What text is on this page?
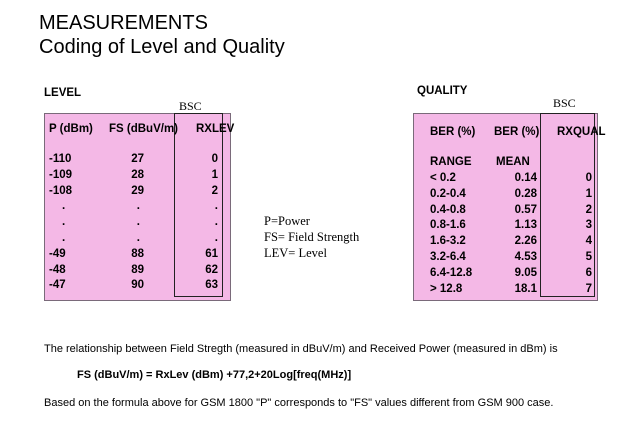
MEASUREMENTS
Coding of Level and Quality
LEVEL
BSC
P (dBm) FS (dBuV/m) RXLEV
-110	27	0
-109	28	1
-108	29	2
.	.	.
.	.	.
.	.	.
-49	88	61
-48	89	62
-47	90	63
P=Power
FS= Field Strength
LEV= Level
QUALITY
BSC
BER (%) BER (%) RXQUAL
RANGE MEAN
< 0.2	0.14	0
0.2-0.4	0.28	1
0.4-0.8	0.57	2
0.8-1.6	1.13	3
1.6-3.2	2.26	4
3.2-6.4	4.53	5
6.4-12.8	9.05	6
> 12.8	18.1	7
The relationship between Field Stregth (measured in dBuV/m) and Received Power (measured in dBm) is
FS (dBuV/m) = RxLev (dBm) +77,2+20Log[freq(MHz)]
Based on the formula above for GSM 1800 "P" corresponds to "FS" values different from GSM 900 case.
